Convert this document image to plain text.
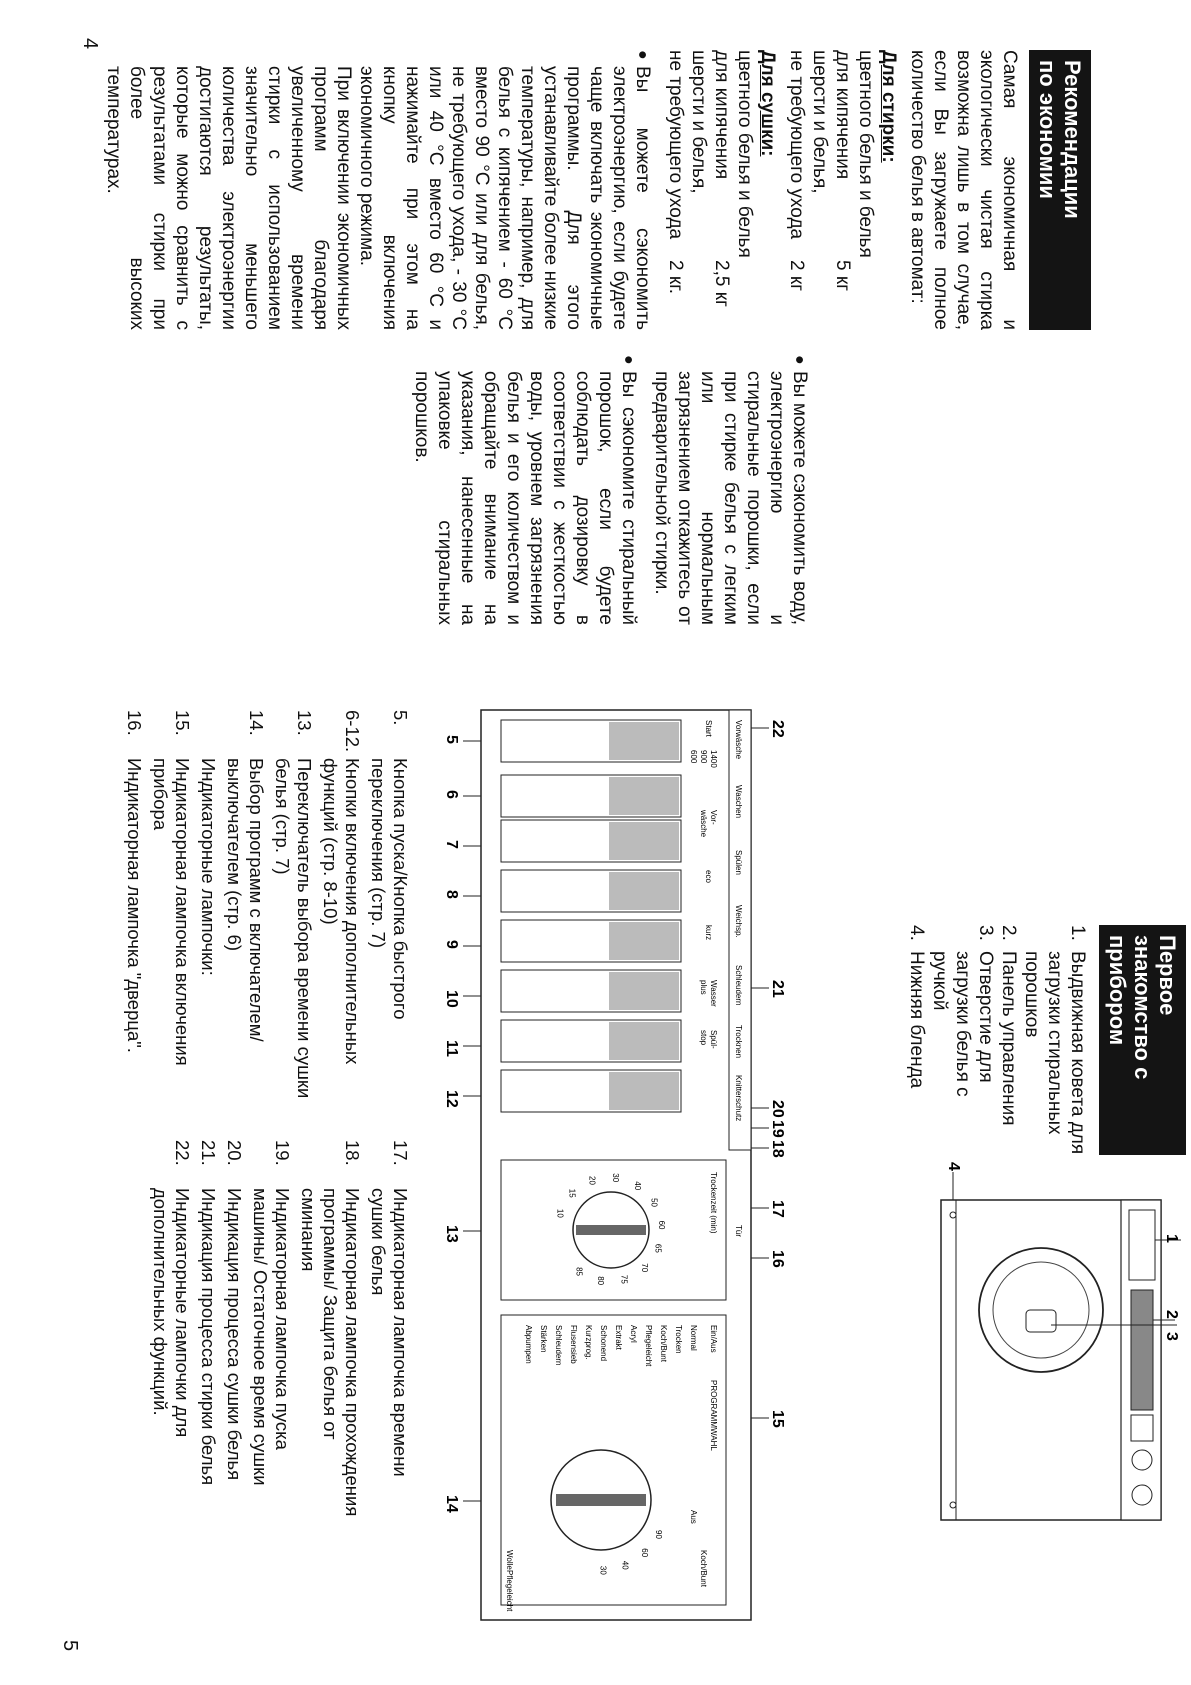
Рекомендации
по экономии
Самая экономичная и экологически чистая стирка возможна лишь в том случае, если Вы загружаете полное количество белья в автомат:
Для стирки:
цветного белья и белья
для кипячения
5 кг
шерсти и белья,
не требующего ухода
2 кг
Для сушки:
цветного белья и белья
для кипячения
2,5 кг
шерсти и белья,
не требующего ухода
2 кг.
●
Вы можете сэкономить электроэнергию, если будете чаще включать экономичные программы. Для этого устанавливайте более низкие температуры, например, для белья с кипячением - 60 °С вместо 90 °С или для белья, не требующего ухода, - 30 °С или 40 °С вместо 60 °С и нажимайте при этом на кнопку включения экономичного режима.
При включении экономичных программ благодаря увеличенному времени стирки с использованием значительно меньшего количества электроэнергии достигаются результаты, которые можно сравнить с результатами стирки при более высоких температурах.
●
Вы можете сэкономить воду, электроэнергию и стиральные порошки, если при стирке белья с легким или нормальным загрязнением откажитесь от предварительной стирки.
●
Вы сэкономите стиральный порошок, если будете соблюдать дозировку в соответствии с жесткостью воды, уровнем загрязнения белья и его количеством и обращайте внимание на указания, нанесенные на упаковке стиральных порошков.
4
Первое знакомство с прибором
1.
Выдвижная ковета для загрузки стиральных порошков
2.
Панель управления
3.
Отверстие для загрузки белья с ручкой
4.
Нижняя бленда
1
2
3
4
Vorwäsche
Waschen
Spülen
Weichsp.
Schleudern
Trocknen
Knitterschutz
Tür
Start
1400
900
600
Vor-
wäsche
eco
kurz
Wasser
plus
Spül-
stop
Trockenzeit (min)
10
15
20 30
40
50
60
65
70
75
80
85
Ein/Aus
PROGRAMMWAHL
Aus
Koch/Bunt
Normal
Trocken
Koch/Bunt
Pflegeleicht
Acryl
Extrakt
Schonend
Kurzprog.
Flusensieb
Schleudern
Stärken
Abpumpen
90
60
40
30
Wolle
Pflegeleicht
22
21
20
19
18
17
16
15
5
6
7
8
9
10
11
12
13
14
5.
Кнопка пуска/Кнопка быстрого переключения (стр. 7)
6-12.
Кнопки включения дополнительных функций (стр. 8-10)
13.
Переключатель выбора времени сушки белья (стр. 7)
14.
Выбор программ с включателем/выключателем (стр. 6)
Индикаторные лампочки:
15.
Индикаторная лампочка включения прибора
16.
Индикаторная лампочка "дверца".
17.
Индикаторная лампочка времени сушки белья
18.
Индикаторная лампочка прохождения программы/ Защита белья от сминания
19.
Индикаторная лампочка пуска машины/ Остаточное время сушки
20.
Индикация процесса сушки белья
21.
Индикация процесса стирки белья
22.
Индикаторные лампочки для дополнительных функций.
5
